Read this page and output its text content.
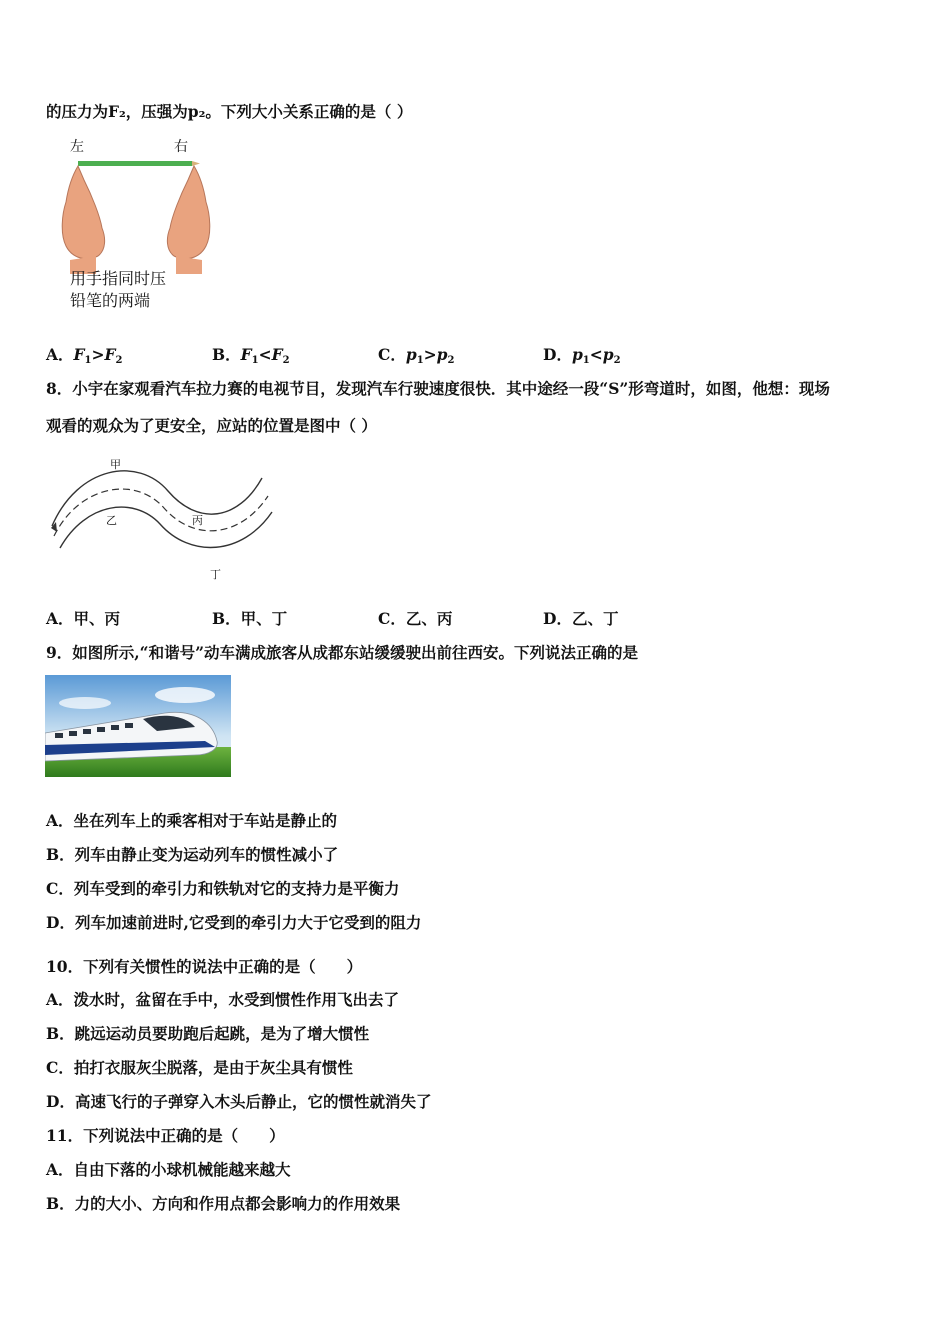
的压力为F₂，压强为p₂。下列大小关系正确的是（ ）
左	右
用手指同时压
铅笔的两端
A．$F_1>F_2$	B．$F_1<F_2$	C．$p_1>p_2$	D．$p_1<p_2$
8．小宇在家观看汽车拉力赛的电视节目，发现汽车行驶速度很快．其中途经一段“S”形弯道时，如图，他想：现场
观看的观众为了更安全，应站的位置是图中（ ）
甲
乙	丙
丁
A．甲、丙	B．甲、丁	C．乙、丙	D．乙、丁
9．如图所示,“和谐号”动车满成旅客从成都东站缓缓驶出前往西安。下列说法正确的是
A．坐在列车上的乘客相对于车站是静止的
B．列车由静止变为运动列车的惯性减小了
C．列车受到的牵引力和铁轨对它的支持力是平衡力
D．列车加速前进时,它受到的牵引力大于它受到的阻力
10．下列有关惯性的说法中正确的是（　　）
A．泼水时，盆留在手中，水受到惯性作用飞出去了
B．跳远运动员要助跑后起跳，是为了增大惯性
C．拍打衣服灰尘脱落，是由于灰尘具有惯性
D．高速飞行的子弹穿入木头后静止，它的惯性就消失了
11．下列说法中正确的是（　　）
A．自由下落的小球机械能越来越大
B．力的大小、方向和作用点都会影响力的作用效果
